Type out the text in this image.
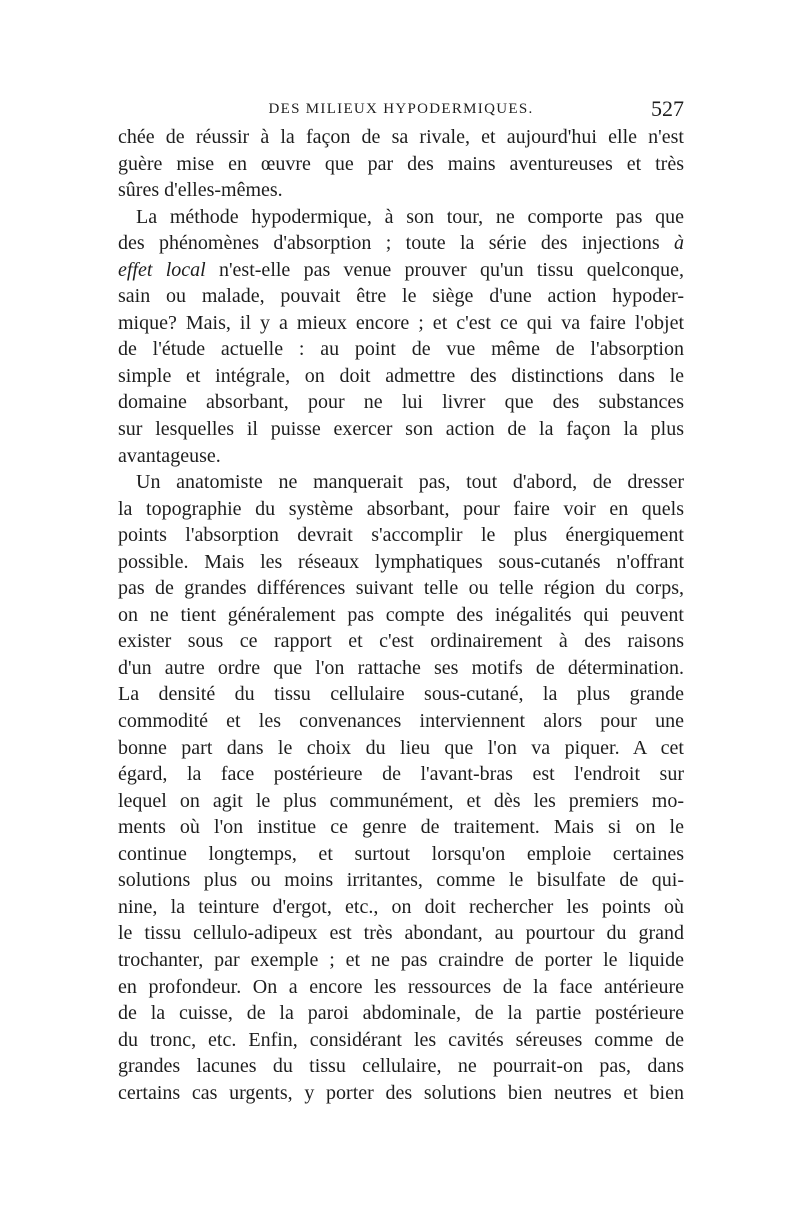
DES MILIEUX HYPODERMIQUES.	527
chée de réussir à la façon de sa rivale, et aujourd'hui elle n'est
guère mise en œuvre que par des mains aventureuses et très
sûres d'elles-mêmes.
La méthode hypodermique, à son tour, ne comporte pas que
des phénomènes d'absorption ; toute la série des injections à
effet local n'est-elle pas venue prouver qu'un tissu quelconque,
sain ou malade, pouvait être le siège d'une action hypoder-
mique? Mais, il y a mieux encore ; et c'est ce qui va faire l'objet
de l'étude actuelle : au point de vue même de l'absorption
simple et intégrale, on doit admettre des distinctions dans le
domaine absorbant, pour ne lui livrer que des substances
sur lesquelles il puisse exercer son action de la façon la plus
avantageuse.
Un anatomiste ne manquerait pas, tout d'abord, de dresser
la topographie du système absorbant, pour faire voir en quels
points l'absorption devrait s'accomplir le plus énergiquement
possible. Mais les réseaux lymphatiques sous-cutanés n'offrant
pas de grandes différences suivant telle ou telle région du corps,
on ne tient généralement pas compte des inégalités qui peuvent
exister sous ce rapport et c'est ordinairement à des raisons
d'un autre ordre que l'on rattache ses motifs de détermination.
La densité du tissu cellulaire sous-cutané, la plus grande
commodité et les convenances interviennent alors pour une
bonne part dans le choix du lieu que l'on va piquer. A cet
égard, la face postérieure de l'avant-bras est l'endroit sur
lequel on agit le plus communément, et dès les premiers mo-
ments où l'on institue ce genre de traitement. Mais si on le
continue longtemps, et surtout lorsqu'on emploie certaines
solutions plus ou moins irritantes, comme le bisulfate de qui-
nine, la teinture d'ergot, etc., on doit rechercher les points où
le tissu cellulo-adipeux est très abondant, au pourtour du grand
trochanter, par exemple ; et ne pas craindre de porter le liquide
en profondeur. On a encore les ressources de la face antérieure
de la cuisse, de la paroi abdominale, de la partie postérieure
du tronc, etc. Enfin, considérant les cavités séreuses comme de
grandes lacunes du tissu cellulaire, ne pourrait-on pas, dans
certains cas urgents, y porter des solutions bien neutres et bien
